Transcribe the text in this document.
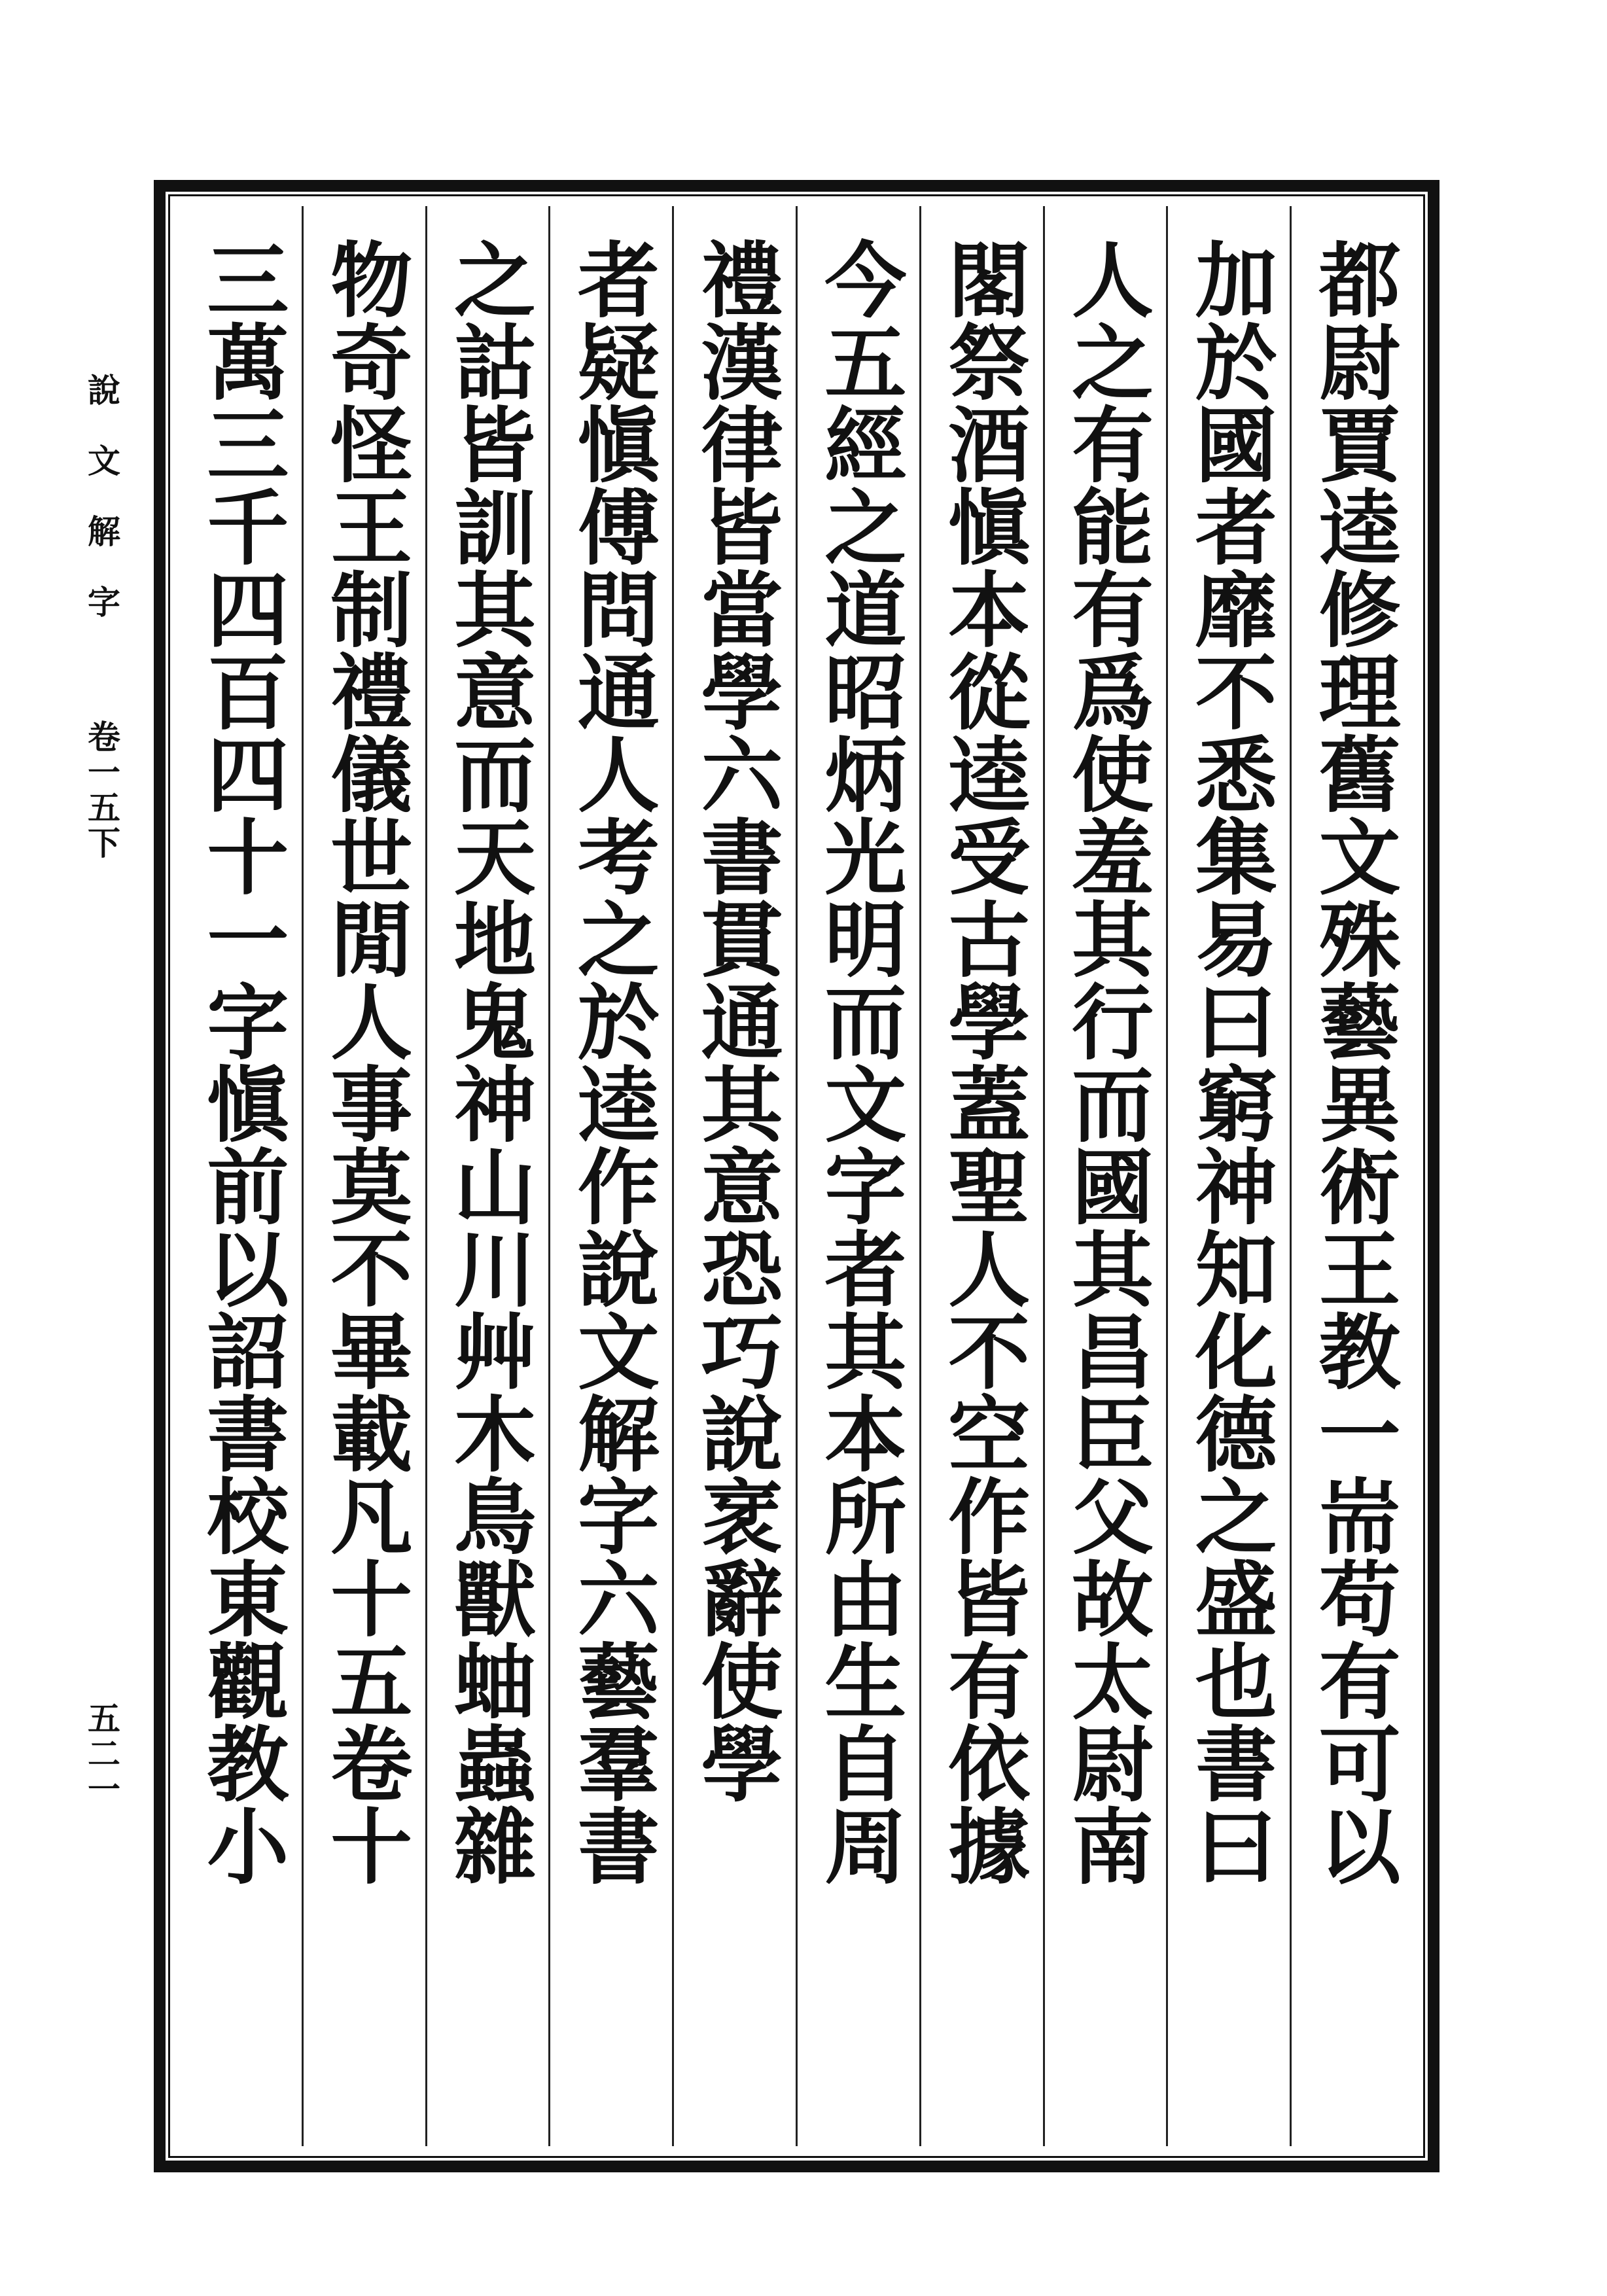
說文解字
卷一五下
五二一	都尉賈逵修理舊文殊藝異術王教一耑苟有可以
加於國者靡不悉集易曰窮神知化德之盛也書曰
人之有能有爲使羞其行而國其昌臣父故太尉南
閣祭酒愼本從逵受古學蓋聖人不空作皆有依據
今五經之道昭炳光明而文字者其本所由生自周
禮漢律皆當學六書貫通其意恐巧說衺辭使學
者疑愼傅問通人考之於逵作說文解字六藝羣書
之詁皆訓其意而天地鬼神山川艸木鳥獸蚰蟲雜
物奇怪王制禮儀世閒人事莫不畢載凡十五卷十
三萬三千四百四十一字愼前以詔書校東觀教小
